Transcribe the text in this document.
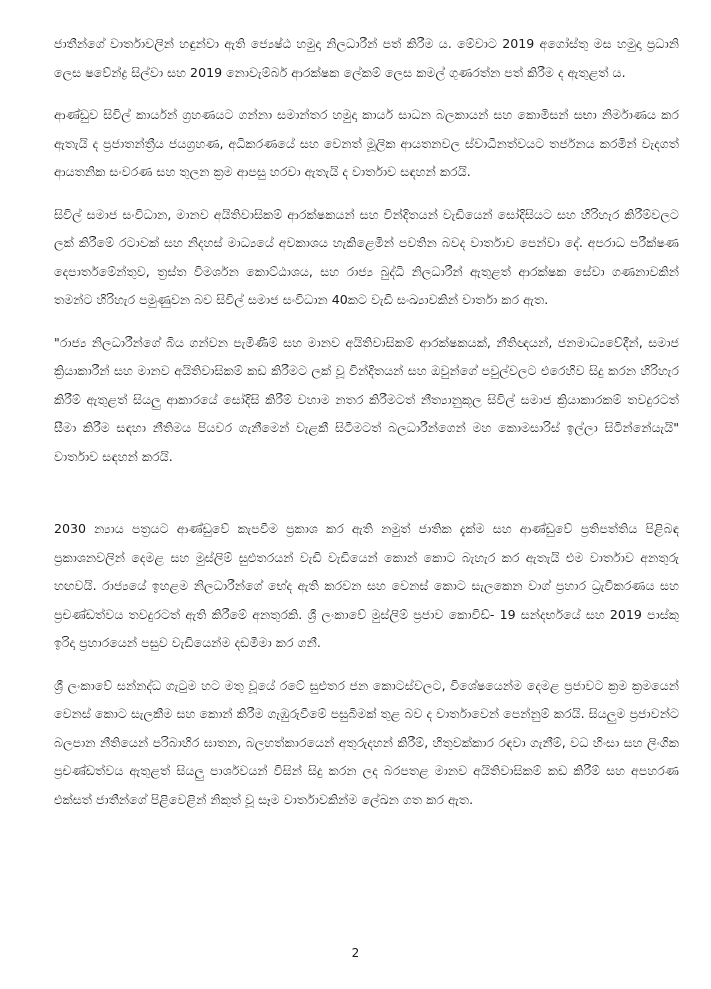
ජාතීන්ගේ වාර්තාවලින් හඳුන්වා ඇති ජ්‍යෙෂ්ඨ හමුදා නිලධාරීන් පත් කිරීම ය. මේවාට 2019 අගෝස්තු මස හමුදා ප්‍රධානි ලෙස ෂවේන්ද්‍ර සිල්වා සහ 2019 නොවැම්බර් ආරක්ෂක ලේකම් ලෙස කමල් ගුණරත්න පත් කිරීම ද ඇතුළත් ය.

ආණ්ඩුව සිවිල් කාර්යන් ග්‍රහණයට ගන්නා සමාන්තර හමුදා කාර්ය සාධන බලකායන් සහ කොමිසන් සභා නිර්මාණය කර ඇතැයි ද ප්‍රජාතන්ත්‍රීය ජයග්‍රහණ, අධිකරණයේ සහ වෙනත් මූලික ආයතනවල ස්වාධීනත්වයට තර්ජනය කරමින් වැදගත් ආයතනික සංවරණ සහ තුලන ක්‍රම ආපසු හරවා ඇතැයි ද වාර්තාව සඳහන් කරයි.

සිවිල් සමාජ සංවිධාන, මානව අයිතිවාසිකම් ආරක්ෂකයන් සහ වින්දිතයන් වැඩියෙන් සෝදිසියට සහ හිරිහැර කිරීම්වලට ලක් කිරීමේ රටාවක් සහ නිදහස් මාධ්‍යයේ අවකාශය හැකිළෙමින් පවතින බවද වාර්තාව පෙන්වා දේ. අපරාධ පරීක්ෂණ දෙපාර්තමේන්තුව, ත්‍රස්ත විමර්ශන කොට්ඨාශය, සහ රාජ්‍ය බුද්ධි නිලධාරීන් ඇතුළත් ආරක්ෂක සේවා ගණනාවකින් තමන්ට හිරිහැර පමුණුවන බව සිවිල් සමාජ සංවිධාන 40කට වැඩි සංඛ්‍යාවකින් වාර්තා කර ඇත.

"රාජ්‍ය නිලධාරීන්ගේ බිය ගන්වන පැමිණීම් සහ මානව අයිතිවාසිකම් ආරක්ෂකයක්, නීතිඥයන්, ජනමාධ්‍යවේදීන්, සමාජ ක්‍රියාකාරීන් සහ මානව අයිතිවාසිකම් කඩ කිරීමට ලක් වූ වින්දිතයන් සහ ඔවුන්ගේ පවුල්වලට එරෙහිව සිදු කරන හිරිහැර කිරීම් ඇතුළත් සියලු ආකාරයේ සෝදිසි කිරීම් වහාම නතර කිරීමටත් නීත්‍යානුකූල සිවිල් සමාජ ක්‍රියාකාරකම් තවදුරටත් සීමා කිරීම සඳහා නීතිමය පියවර ගැනීමෙන් වැළකී සිටීමටත් බලධාරීන්ගෙන් මහ කොමසාරිස් ඉල්ලා සිටින්නේයැයි" වාර්තාව සඳහන් කරයි.

2030 න්‍යාය පත්‍රයට ආණ්ඩුවේ කැපවීම ප්‍රකාශ කර ඇති නමුත් ජාතික දැක්ම සහ ආණ්ඩුවේ ප්‍රතිපත්තිය පිළිබඳ ප්‍රකාශනවලින් දෙමළ සහ මුස්ලිම් සුළුතරයන් වැඩි වැඩියෙන් කොන් කොට බැහැර කර ඇතැයි එම වාර්තාව අනතුරු හඟවයි. රාජ්‍යයේ ඉහළම නිලධාරීන්ගේ භේද ඇති කරවන සහ වෙනස් කොට සැලකෙන වාග් ප්‍රහාර ධ්‍රැවීකරණය සහ ප්‍රචණ්ඩත්වය තවදුරටත් ඇති කිරීමේ අනතුරකි. ශ්‍රී ලංකාවේ මුස්ලිම් ප්‍රජාව කොවිඩ්- 19 සන්දර්භයේ සහ 2019 පාස්කු ඉරිදා ප්‍රහාරයෙන් පසුව වැඩියෙන්ම දඩමීමා කර ගනී.

ශ්‍රී ලංකාවේ සන්නද්ධ ගැටුම හට මතු වූයේ රටේ සුළුතර ජන කොටස්වලට, විශේෂයෙන්ම දෙමළ ප්‍රජාවට ක්‍රම ක්‍රමයෙන් වෙනස් කොට සැලකීම සහ කොන් කිරීම ගැඹුරුවීමේ පසුබිමක් තුළ බව ද වාර්තාවෙන් පෙන්නුම් කරයි. සියලුම ප්‍රජාවන්ට බලපාන නීතියෙන් පරිබාහිර ඝාතන, බලහත්කාරයෙන් අතුරුදහන් කිරීම්, හිතුවක්කාර රඳවා ගැනීම්, වධ හිංසා සහ ලිංගික ප්‍රචණ්ඩත්වය ඇතුළත් සියලු පාර්ශවයන් විසින් සිදු කරන ලද බරපතළ මානව අයිතිවාසිකම් කඩ කිරීම් සහ අපහරණ එක්සත් ජාතීන්ගේ පිළිවෙළින් නිකුත් වූ සෑම වාර්තාවකින්ම ලේඛන ගත කර ඇත.

2
